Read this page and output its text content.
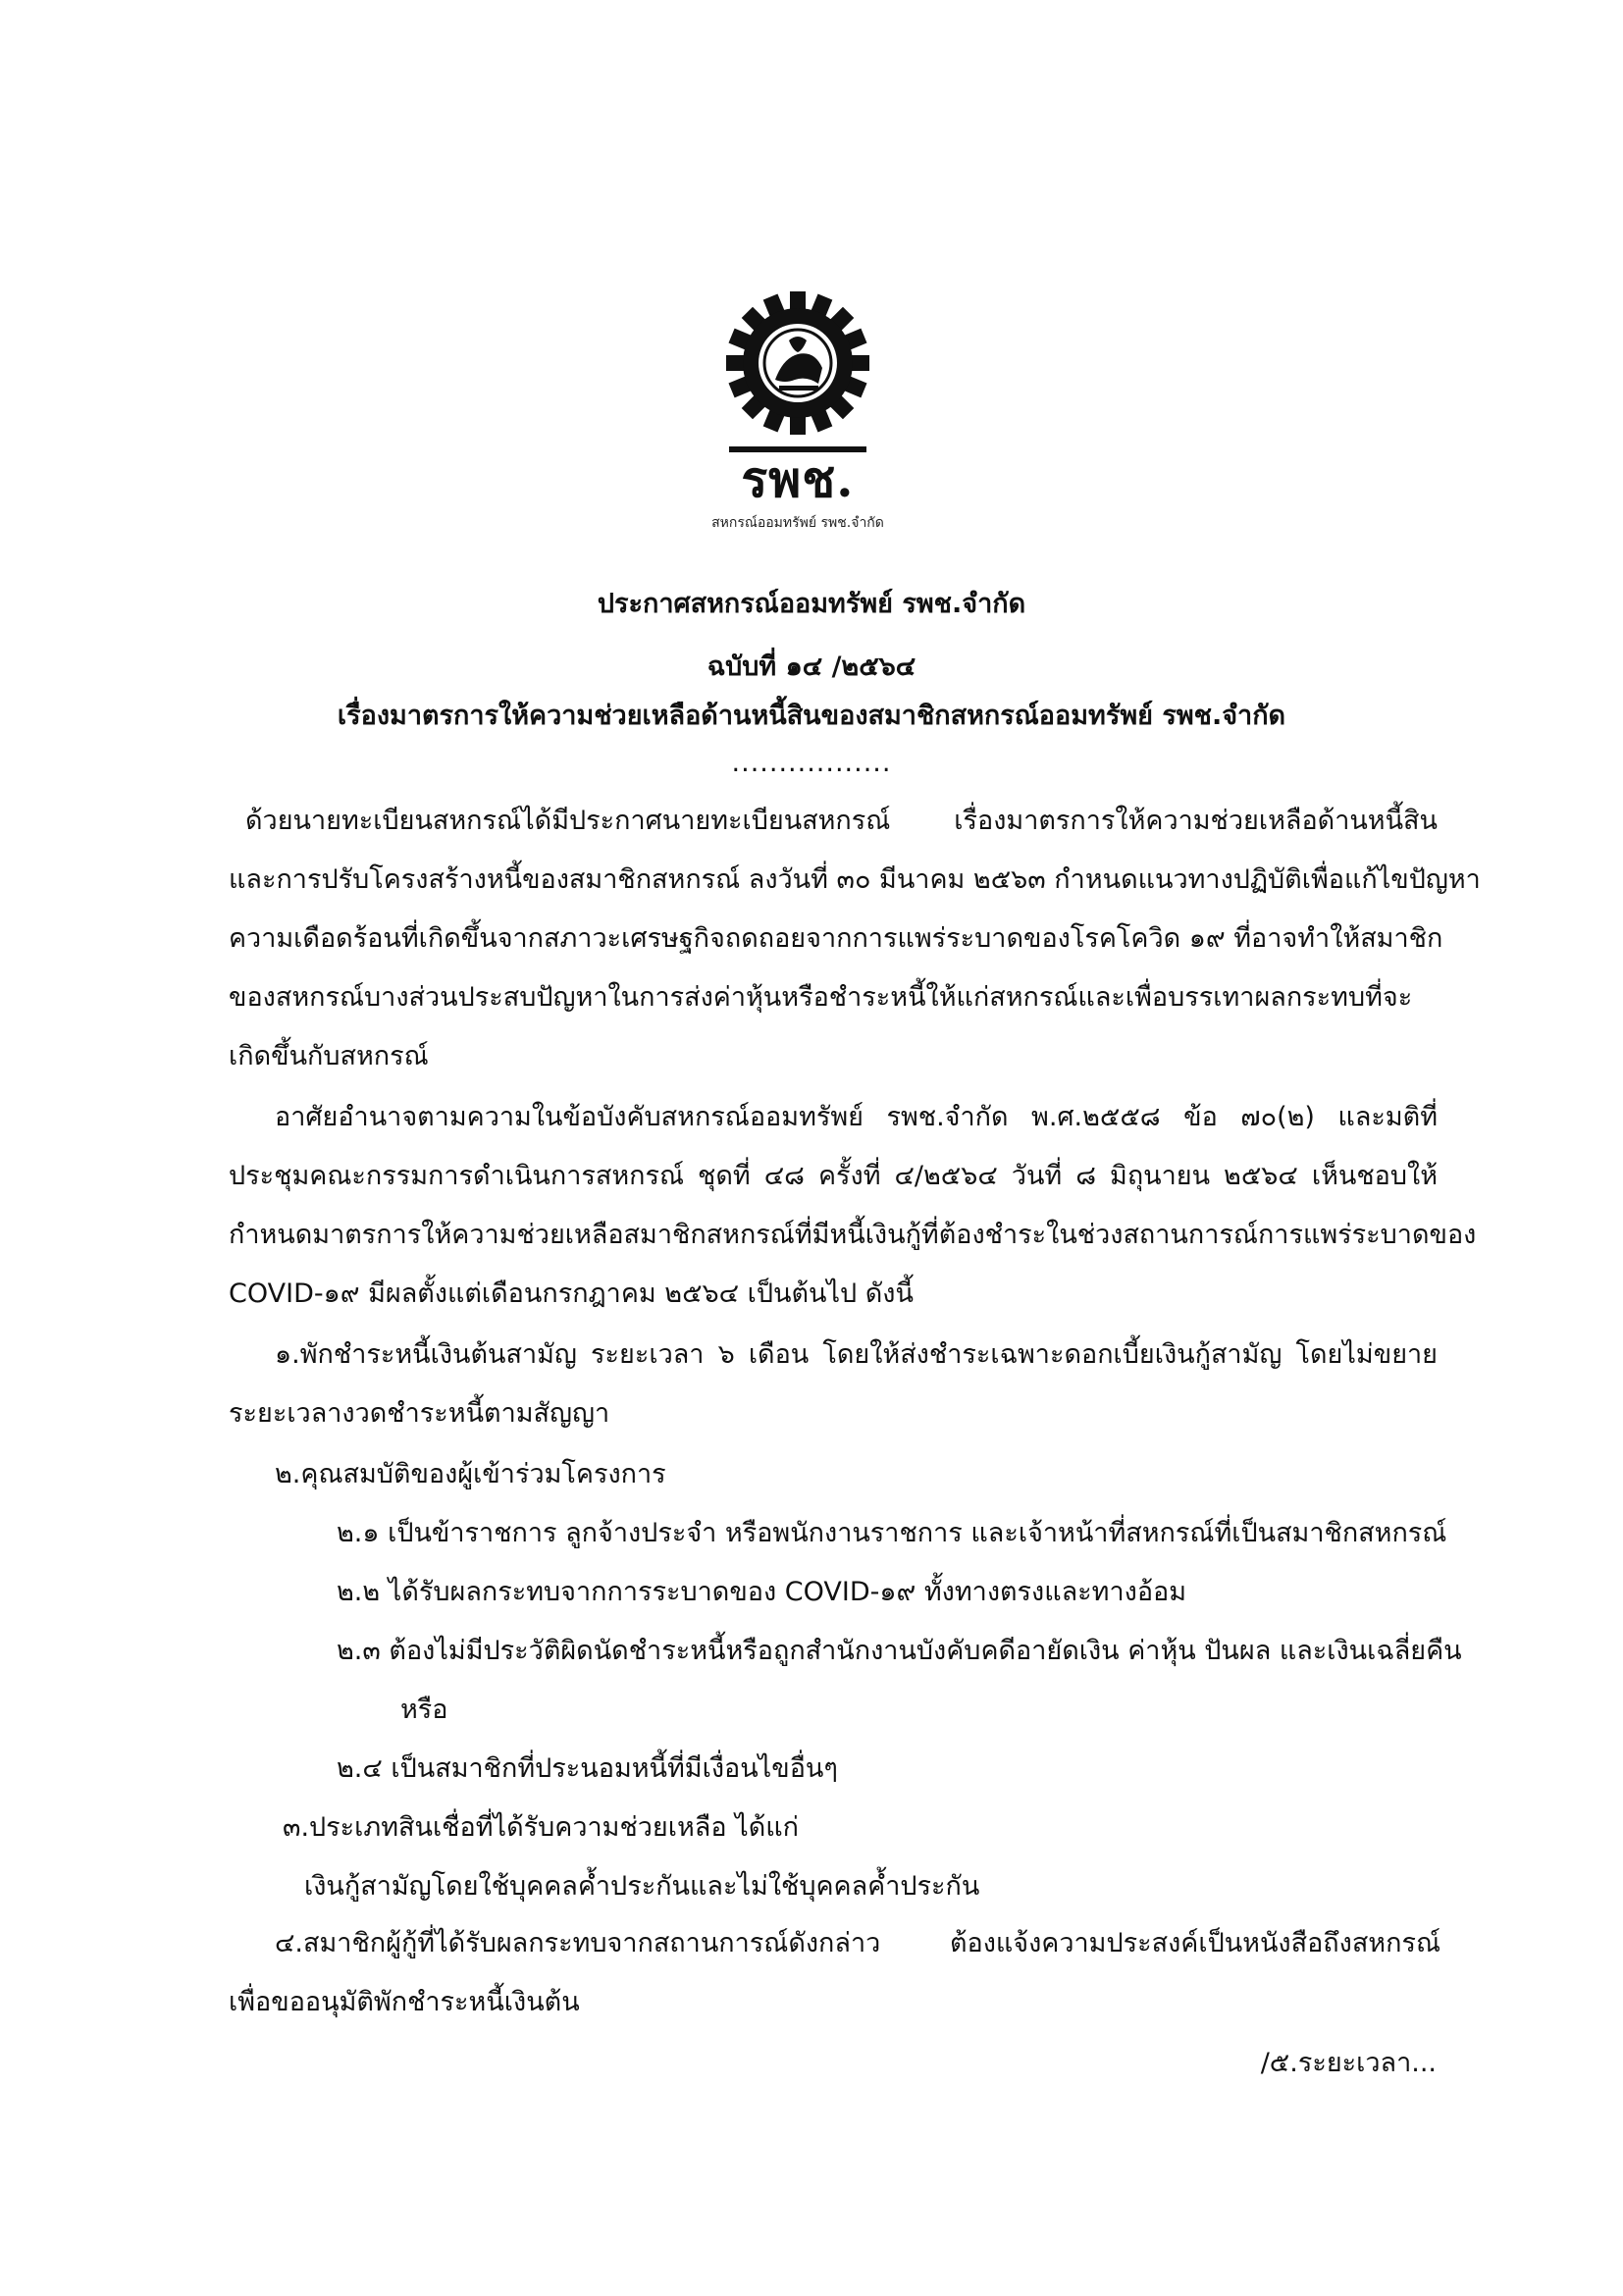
รพช.
สหกรณ์ออมทรัพย์ รพช.จำกัด
ประกาศสหกรณ์ออมทรัพย์ รพช.จำกัด
ฉบับที่ ๑๔ /๒๕๖๔
เรื่องมาตรการให้ความช่วยเหลือด้านหนี้สินของสมาชิกสหกรณ์ออมทรัพย์ รพช.จำกัด
.................
ด้วยนายทะเบียนสหกรณ์ได้มีประกาศนายทะเบียนสหกรณ์ เรื่องมาตรการให้ความช่วยเหลือด้านหนี้สิน
และการปรับโครงสร้างหนี้ของสมาชิกสหกรณ์ ลงวันที่ ๓๐ มีนาคม ๒๕๖๓ กำหนดแนวทางปฏิบัติเพื่อแก้ไขปัญหา
ความเดือดร้อนที่เกิดขึ้นจากสภาวะเศรษฐกิจถดถอยจากการแพร่ระบาดของโรคโควิด ๑๙ ที่อาจทำให้สมาชิก
ของสหกรณ์บางส่วนประสบปัญหาในการส่งค่าหุ้นหรือชำระหนี้ให้แก่สหกรณ์และเพื่อบรรเทาผลกระทบที่จะ
เกิดขึ้นกับสหกรณ์
อาศัยอำนาจตามความในข้อบังคับสหกรณ์ออมทรัพย์ รพช.จำกัด พ.ศ.๒๕๕๘ ข้อ ๗๐(๒) และมติที่
ประชุมคณะกรรมการดำเนินการสหกรณ์ ชุดที่ ๔๘ ครั้งที่ ๔/๒๕๖๔ วันที่ ๘ มิถุนายน ๒๕๖๔ เห็นชอบให้
กำหนดมาตรการให้ความช่วยเหลือสมาชิกสหกรณ์ที่มีหนี้เงินกู้ที่ต้องชำระในช่วงสถานการณ์การแพร่ระบาดของ
COVID-๑๙ มีผลตั้งแต่เดือนกรกฎาคม ๒๕๖๔ เป็นต้นไป ดังนี้
๑.พักชำระหนี้เงินต้นสามัญ ระยะเวลา ๖ เดือน โดยให้ส่งชำระเฉพาะดอกเบี้ยเงินกู้สามัญ โดยไม่ขยาย
ระยะเวลางวดชำระหนี้ตามสัญญา
๒.คุณสมบัติของผู้เข้าร่วมโครงการ
๒.๑ เป็นข้าราชการ ลูกจ้างประจำ หรือพนักงานราชการ และเจ้าหน้าที่สหกรณ์ที่เป็นสมาชิกสหกรณ์
๒.๒ ได้รับผลกระทบจากการระบาดของ COVID-๑๙ ทั้งทางตรงและทางอ้อม
๒.๓ ต้องไม่มีประวัติผิดนัดชำระหนี้หรือถูกสำนักงานบังคับคดีอายัดเงิน ค่าหุ้น ปันผล และเงินเฉลี่ยคืน
หรือ
๒.๔ เป็นสมาชิกที่ประนอมหนี้ที่มีเงื่อนไขอื่นๆ
๓.ประเภทสินเชื่อที่ได้รับความช่วยเหลือ ได้แก่
เงินกู้สามัญโดยใช้บุคคลค้ำประกันและไม่ใช้บุคคลค้ำประกัน
๔.สมาชิกผู้กู้ที่ได้รับผลกระทบจากสถานการณ์ดังกล่าว ต้องแจ้งความประสงค์เป็นหนังสือถึงสหกรณ์
เพื่อขออนุมัติพักชำระหนี้เงินต้น
/๕.ระยะเวลา...
